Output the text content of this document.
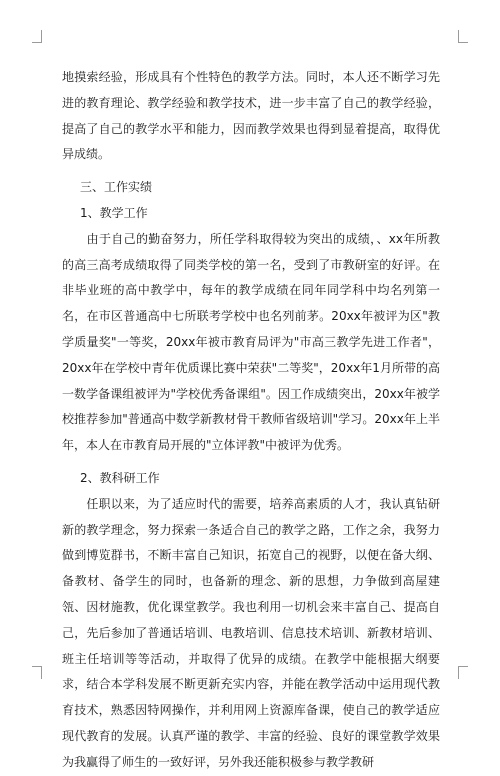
地摸索经验，形成具有个性特色的教学方法。同时，本人还不断学习先进的教育理论、教学经验和教学技术，进一步丰富了自己的教学经验，提高了自己的教学水平和能力，因而教学效果也得到显着提高，取得优异成绩。

三、工作实绩

1、教学工作

　　由于自己的勤奋努力，所任学科取得较为突出的成绩，、xx年所教的高三高考成绩取得了同类学校的第一名，受到了市教研室的好评。在非毕业班的高中教学中，每年的教学成绩在同年同学科中均名列第一名，在市区普通高中七所联考学校中也名列前茅。20xx年被评为区"教学质量奖"一等奖，20xx年被市教育局评为"市高三教学先进工作者"，20xx年在学校中青年优质课比赛中荣获"二等奖"，20xx年1月所带的高一数学备课组被评为"学校优秀备课组"。因工作成绩突出，20xx年被学校推荐参加"普通高中数学新教材骨干教师省级培训"学习。20xx年上半年，本人在市教育局开展的"立体评教"中被评为优秀。

2、教科研工作

　　任职以来，为了适应时代的需要，培养高素质的人才，我认真钻研新的教学理念，努力探索一条适合自己的教学之路，工作之余，我努力做到博览群书，不断丰富自己知识，拓宽自己的视野，以便在备大纲、备教材、备学生的同时，也备新的理念、新的思想，力争做到高屋建瓴、因材施教，优化课堂教学。我也利用一切机会来丰富自己、提高自己，先后参加了普通话培训、电教培训、信息技术培训、新教材培训、班主任培训等等活动，并取得了优异的成绩。在教学中能根据大纲要求，结合本学科发展不断更新充实内容，并能在教学活动中运用现代教育技术，熟悉因特网操作，并利用网上资源库备课，使自己的教学适应现代教育的发展。认真严谨的教学、丰富的经验、良好的课堂教学效果为我赢得了师生的一致好评，另外我还能积极参与教学教研
